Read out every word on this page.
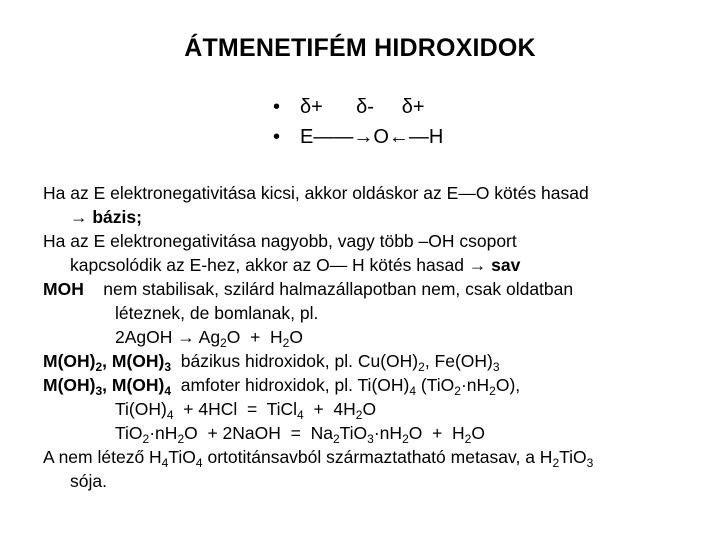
ÁTMENETIFÉM HIDROXIDOK

•

δ+      δ-     δ+

•

E——→O←—H

Ha az E elektronegativitása kicsi, akkor oldáskor az E—O kötés hasad
→ bázis;
Ha az E elektronegativitása nagyobb, vagy több –OH csoport
kapcsolódik az E-hez, akkor az O— H kötés hasad → sav
MOH    nem stabilisak, szilárd halmazállapotban nem, csak oldatban
léteznek, de bomlanak, pl.
2AgOH → $Ag_2O + H_2O$
$M(OH)_2$, $M(OH)_3$  bázikus hidroxidok, pl. $Cu(OH)_2$, $Fe(OH)_3$
$M(OH)_3$, $M(OH)_4$  amfoter hidroxidok, pl. $Ti(OH)_4$ $(TiO_2\cdot nH_2O)$,
$Ti(OH)_4 + 4HCl$  =  TiCl$_4$  +  $4H_2O$
$TiO_2\cdot nH_2O$  + 2NaOH  =  $Na_2TiO_3\cdot nH_2O + H_2O$
A nem létező $H_4TiO_4$ ortotitánsavból származtatható metasav, a $H_2TiO_3$
sója.
